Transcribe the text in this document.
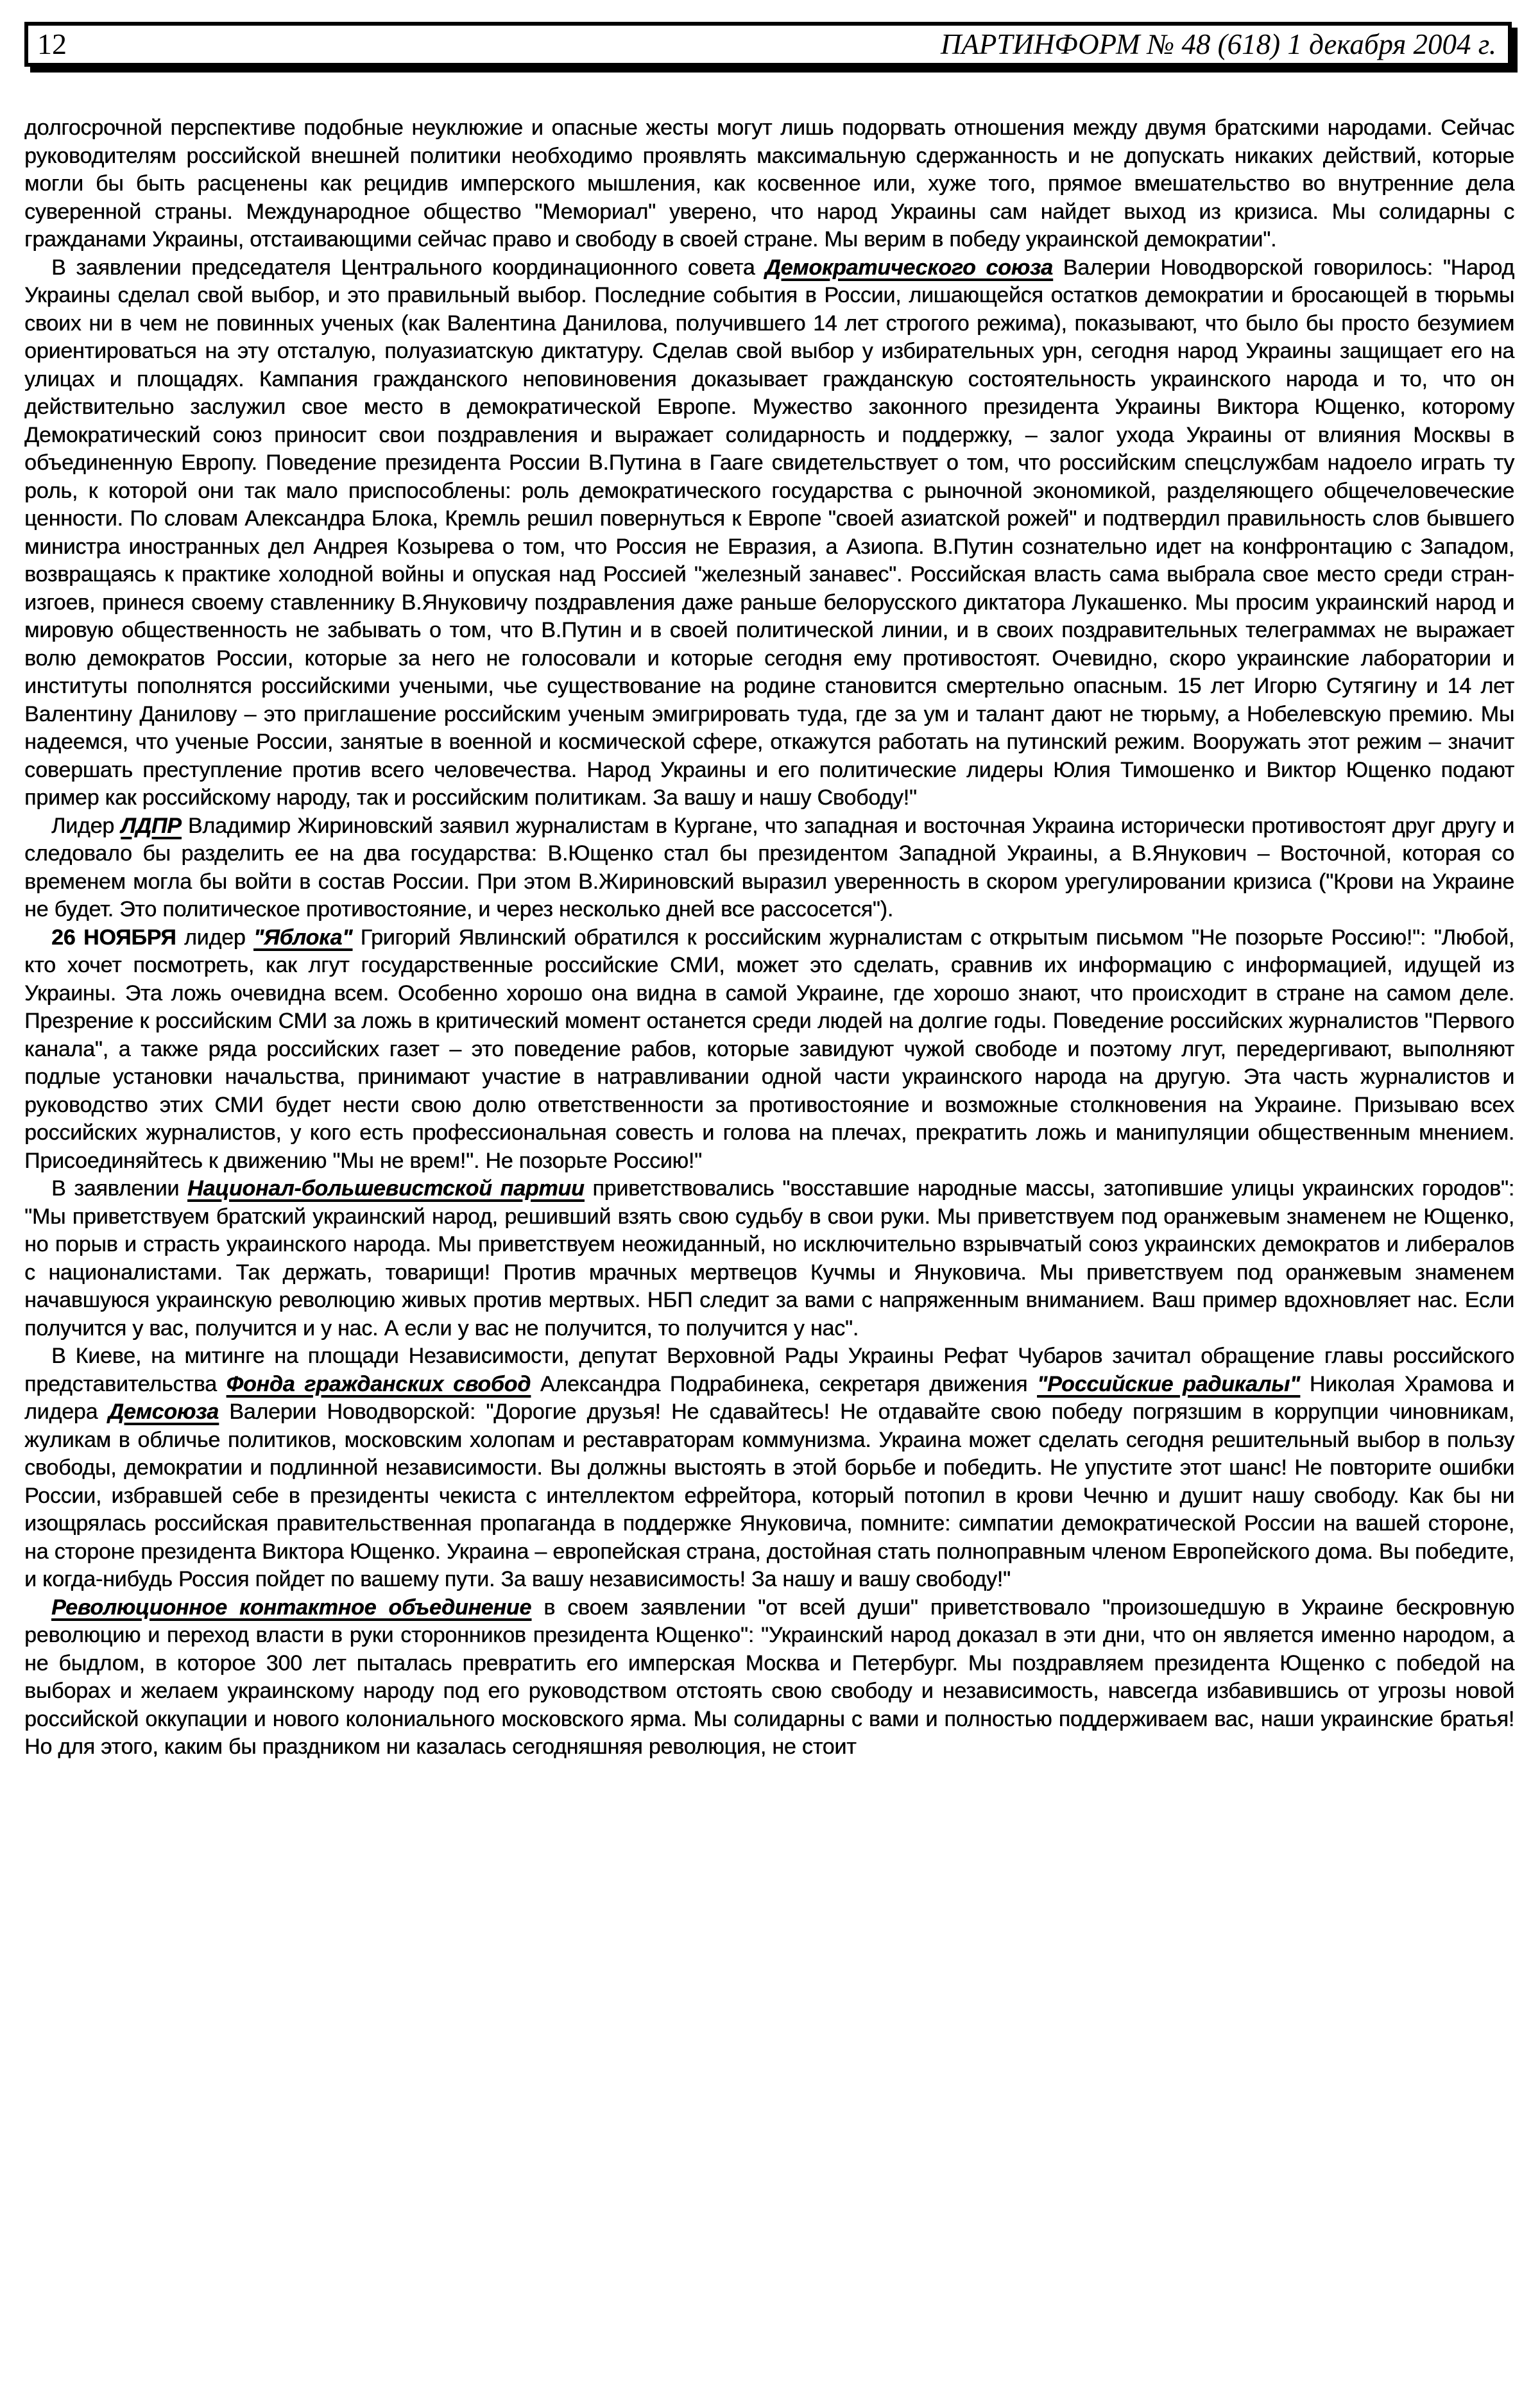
12	ПАРТИНФОРМ № 48 (618) 1 декабря 2004 г.

долгосрочной перспективе подобные неуклюжие и опасные жесты могут лишь подорвать отношения между двумя братскими народами. Сейчас руководителям российской внешней политики необходимо проявлять максимальную сдержанность и не допускать никаких действий, которые могли бы быть расценены как рецидив имперского мышления, как косвенное или, хуже того, прямое вмешательство во внутренние дела суверенной страны. Международное общество "Мемориал" уверено, что народ Украины сам найдет выход из кризиса. Мы солидарны с гражданами Украины, отстаивающими сейчас право и свободу в своей стране. Мы верим в победу украинской демократии".

В заявлении председателя Центрального координационного совета Демократического союза Валерии Новодворской говорилось: "Народ Украины сделал свой выбор, и это правильный выбор. Последние события в России, лишающейся остатков демократии и бросающей в тюрьмы своих ни в чем не повинных ученых (как Валентина Данилова, получившего 14 лет строгого режима), показывают, что было бы просто безумием ориентироваться на эту отсталую, полуазиатскую диктатуру. Сделав свой выбор у избирательных урн, сегодня народ Украины защищает его на улицах и площадях. Кампания гражданского неповиновения доказывает гражданскую состоятельность украинского народа и то, что он действительно заслужил свое место в демократической Европе. Мужество законного президента Украины Виктора Ющенко, которому Демократический союз приносит свои поздравления и выражает солидарность и поддержку, – залог ухода Украины от влияния Москвы в объединенную Европу. Поведение президента России В.Путина в Гааге свидетельствует о том, что российским спецслужбам надоело играть ту роль, к которой они так мало приспособлены: роль демократического государства с рыночной экономикой, разделяющего общечеловеческие ценности. По словам Александра Блока, Кремль решил повернуться к Европе "своей азиатской рожей" и подтвердил правильность слов бывшего министра иностранных дел Андрея Козырева о том, что Россия не Евразия, а Азиопа. В.Путин сознательно идет на конфронтацию с Западом, возвращаясь к практике холодной войны и опуская над Россией "железный занавес". Российская власть сама выбрала свое место среди стран-изгоев, принеся своему ставленнику В.Януковичу поздравления даже раньше белорусского диктатора Лукашенко. Мы просим украинский народ и мировую общественность не забывать о том, что В.Путин и в своей политической линии, и в своих поздравительных телеграммах не выражает волю демократов России, которые за него не голосовали и которые сегодня ему противостоят. Очевидно, скоро украинские лаборатории и институты пополнятся российскими учеными, чье существование на родине становится смертельно опасным. 15 лет Игорю Сутягину и 14 лет Валентину Данилову – это приглашение российским ученым эмигрировать туда, где за ум и талант дают не тюрьму, а Нобелевскую премию. Мы надеемся, что ученые России, занятые в военной и космической сфере, откажутся работать на путинский режим. Вооружать этот режим – значит совершать преступление против всего человечества. Народ Украины и его политические лидеры Юлия Тимошенко и Виктор Ющенко подают пример как российскому народу, так и российским политикам. За вашу и нашу Свободу!"

Лидер ЛДПР Владимир Жириновский заявил журналистам в Кургане, что западная и восточная Украина исторически противостоят друг другу и следовало бы разделить ее на два государства: В.Ющенко стал бы президентом Западной Украины, а В.Янукович – Восточной, которая со временем могла бы войти в состав России. При этом В.Жириновский выразил уверенность в скором урегулировании кризиса ("Крови на Украине не будет. Это политическое противостояние, и через несколько дней все рассосется").

26 НОЯБРЯ лидер "Яблока" Григорий Явлинский обратился к российским журналистам с открытым письмом "Не позорьте Россию!": "Любой, кто хочет посмотреть, как лгут государственные российские СМИ, может это сделать, сравнив их информацию с информацией, идущей из Украины. Эта ложь очевидна всем. Особенно хорошо она видна в самой Украине, где хорошо знают, что происходит в стране на самом деле. Презрение к российским СМИ за ложь в критический момент останется среди людей на долгие годы. Поведение российских журналистов "Первого канала", а также ряда российских газет – это поведение рабов, которые завидуют чужой свободе и поэтому лгут, передергивают, выполняют подлые установки начальства, принимают участие в натравливании одной части украинского народа на другую. Эта часть журналистов и руководство этих СМИ будет нести свою долю ответственности за противостояние и возможные столкновения на Украине. Призываю всех российских журналистов, у кого есть профессиональная совесть и голова на плечах, прекратить ложь и манипуляции общественным мнением. Присоединяйтесь к движению "Мы не врем!". Не позорьте Россию!"

В заявлении Национал-большевистской партии приветствовались "восставшие народные массы, затопившие улицы украинских городов": "Мы приветствуем братский украинский народ, решивший взять свою судьбу в свои руки. Мы приветствуем под оранжевым знаменем не Ющенко, но порыв и страсть украинского народа. Мы приветствуем неожиданный, но исключительно взрывчатый союз украинских демократов и либералов с националистами. Так держать, товарищи! Против мрачных мертвецов Кучмы и Януковича. Мы приветствуем под оранжевым знаменем начавшуюся украинскую революцию живых против мертвых. НБП следит за вами с напряженным вниманием. Ваш пример вдохновляет нас. Если получится у вас, получится и у нас. А если у вас не получится, то получится у нас".

В Киеве, на митинге на площади Независимости, депутат Верховной Рады Украины Рефат Чубаров зачитал обращение главы российского представительства Фонда гражданских свобод Александра Подрабинека, секретаря движения "Российские радикалы" Николая Храмова и лидера Демсоюза Валерии Новодворской: "Дорогие друзья! Не сдавайтесь! Не отдавайте свою победу погрязшим в коррупции чиновникам, жуликам в обличье политиков, московским холопам и реставраторам коммунизма. Украина может сделать сегодня решительный выбор в пользу свободы, демократии и подлинной независимости. Вы должны выстоять в этой борьбе и победить. Не упустите этот шанс! Не повторите ошибки России, избравшей себе в президенты чекиста с интеллектом ефрейтора, который потопил в крови Чечню и душит нашу свободу. Как бы ни изощрялась российская правительственная пропаганда в поддержке Януковича, помните: симпатии демократической России на вашей стороне, на стороне президента Виктора Ющенко. Украина – европейская страна, достойная стать полноправным членом Европейского дома. Вы победите, и когда-нибудь Россия пойдет по вашему пути. За вашу независимость! За нашу и вашу свободу!"

Революционное контактное объединение в своем заявлении "от всей души" приветствовало "произошедшую в Украине бескровную революцию и переход власти в руки сторонников президента Ющенко": "Украинский народ доказал в эти дни, что он является именно народом, а не быдлом, в которое 300 лет пыталась превратить его имперская Москва и Петербург. Мы поздравляем президента Ющенко с победой на выборах и желаем украинскому народу под его руководством отстоять свою свободу и независимость, навсегда избавившись от угрозы новой российской оккупации и нового колониального московского ярма. Мы солидарны с вами и полностью поддерживаем вас, наши украинские братья! Но для этого, каким бы праздником ни казалась сегодняшняя революция, не стоит
